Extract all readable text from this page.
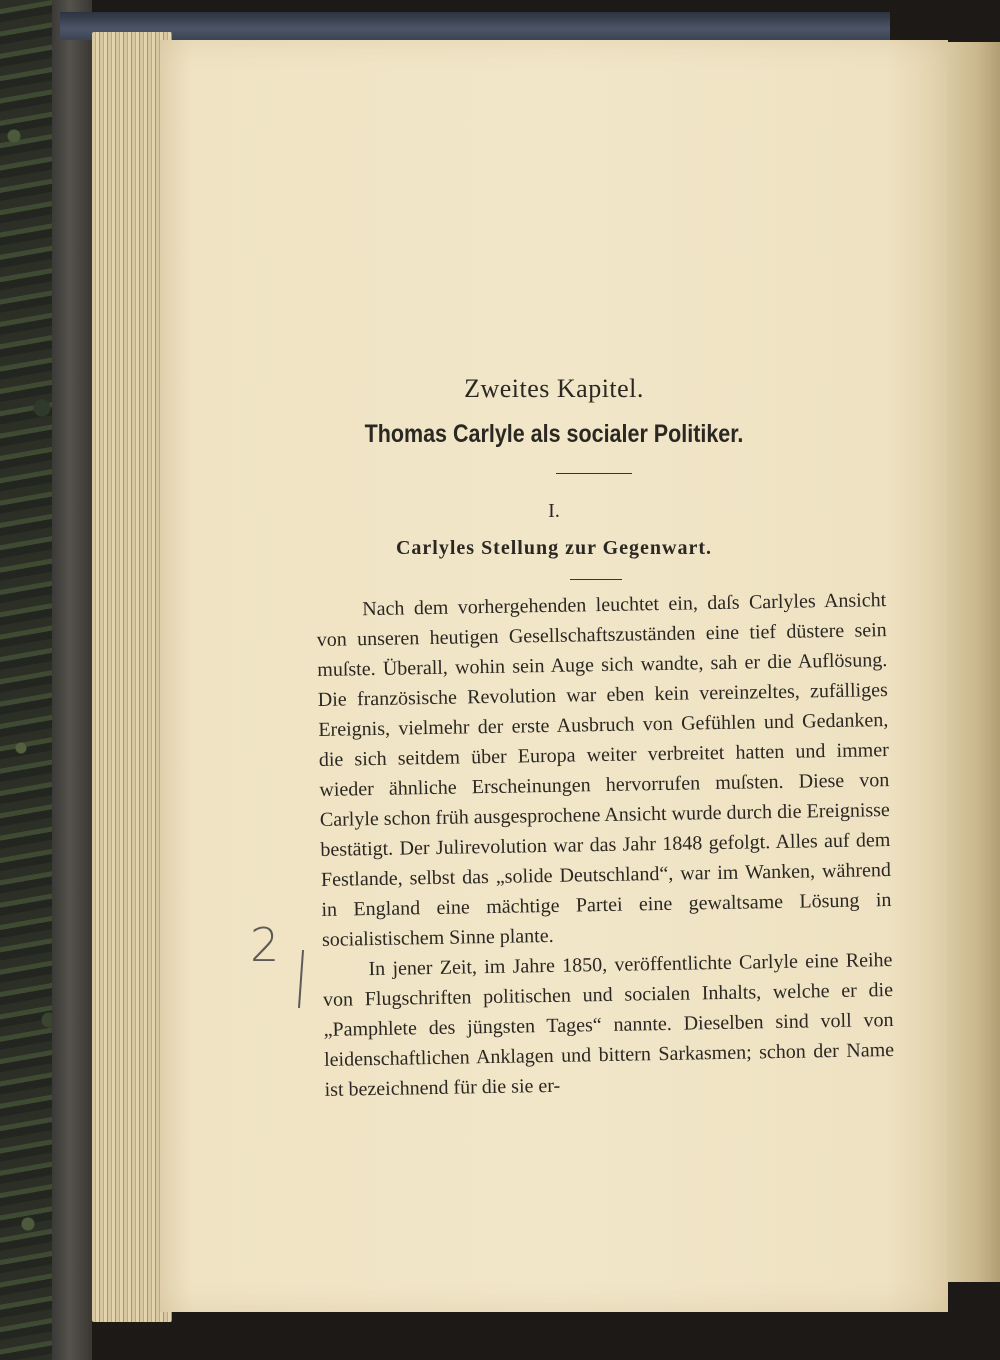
Zweites Kapitel.
Thomas Carlyle als socialer Politiker.
I.
Carlyles Stellung zur Gegenwart.

Nach dem vorhergehenden leuchtet ein, daſs Carlyles Ansicht von unseren heutigen Gesellschaftszuständen eine tief düstere sein muſste. Überall, wohin sein Auge sich wandte, sah er die Auflösung. Die französische Revolution war eben kein vereinzeltes, zufälliges Ereignis, vielmehr der erste Ausbruch von Gefühlen und Gedanken, die sich seitdem über Europa weiter verbreitet hatten und immer wieder ähnliche Erscheinungen hervorrufen muſsten. Diese von Carlyle schon früh ausgesprochene Ansicht wurde durch die Ereignisse bestätigt. Der Julirevolution war das Jahr 1848 gefolgt. Alles auf dem Festlande, selbst das „solide Deutschland“, war im Wanken, während in England eine mächtige Partei eine gewaltsame Lösung in socialistischem Sinne plante.

In jener Zeit, im Jahre 1850, veröffentlichte Carlyle eine Reihe von Flugschriften politischen und socialen Inhalts, welche er die „Pamphlete des jüngsten Tages“ nannte. Dieselben sind voll von leidenschaftlichen Anklagen und bittern Sarkasmen; schon der Name ist bezeichnend für die sie er-

2
